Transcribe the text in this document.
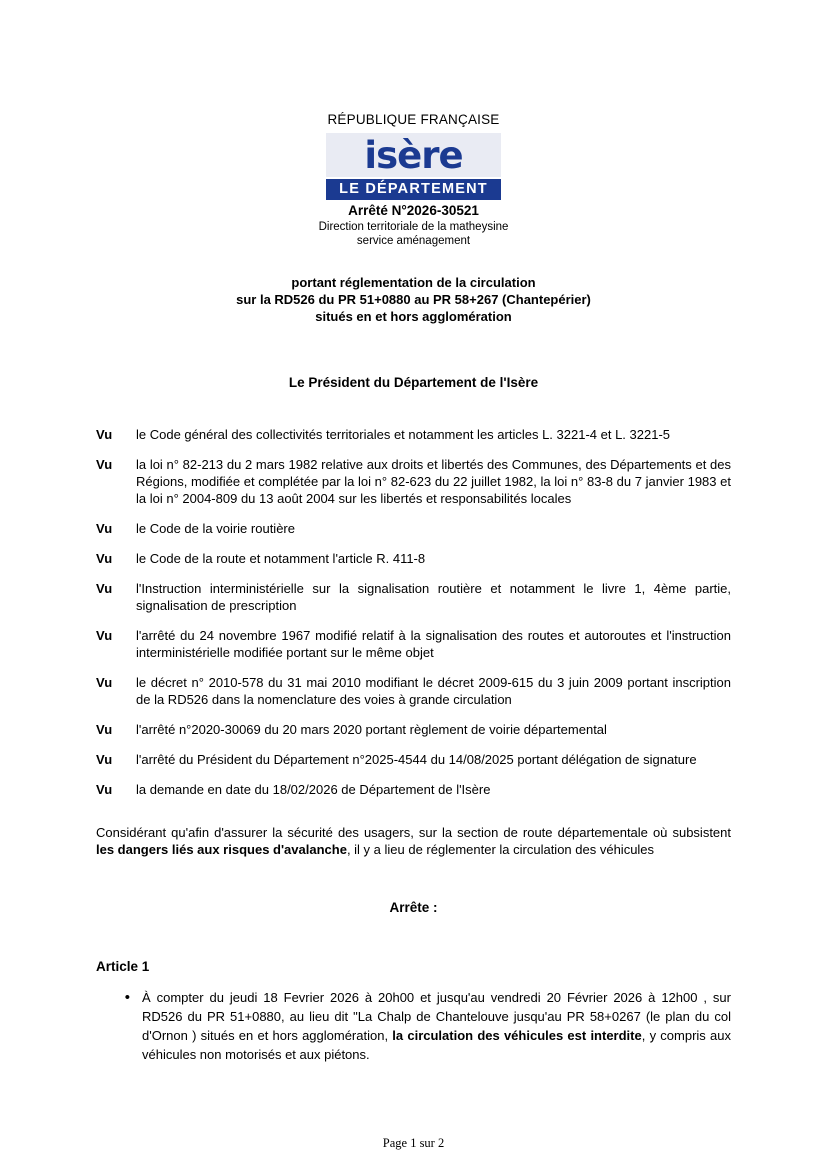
RÉPUBLIQUE FRANÇAISE
isère
LE DÉPARTEMENT
Arrêté N°2026-30521
Direction territoriale de la matheysine
service aménagement
portant réglementation de la circulation
sur la RD526 du PR 51+0880 au PR 58+267 (Chantepérier)
situés en et hors agglomération
Le Président du Département de l'Isère
Vu	le Code général des collectivités territoriales et notamment les articles L. 3221-4 et L. 3221-5
Vu	la loi n° 82-213 du 2 mars 1982 relative aux droits et libertés des Communes, des Départements et des Régions, modifiée et complétée par la loi n° 82-623 du 22 juillet 1982, la loi n° 83-8 du 7 janvier 1983 et la loi n° 2004-809 du 13 août 2004 sur les libertés et responsabilités locales
Vu	le Code de la voirie routière
Vu	le Code de la route et notamment l'article R. 411-8
Vu	l'Instruction interministérielle sur la signalisation routière et notamment le livre 1, 4ème partie, signalisation de prescription
Vu	l'arrêté du 24 novembre 1967 modifié relatif à la signalisation des routes et autoroutes et l'instruction interministérielle modifiée portant sur le même objet
Vu	le décret n° 2010-578 du 31 mai 2010 modifiant le décret 2009-615 du 3 juin 2009 portant inscription de la RD526 dans la nomenclature des voies à grande circulation
Vu	l'arrêté n°2020-30069 du 20 mars 2020 portant règlement de voirie départemental
Vu	l'arrêté du Président du Département n°2025-4544 du 14/08/2025 portant délégation de signature
Vu	la demande en date du 18/02/2026 de Département de l'Isère
Considérant qu'afin d'assurer la sécurité des usagers, sur la section de route départementale où subsistent les dangers liés aux risques d'avalanche, il y a lieu de réglementer la circulation des véhicules
Arrête :
Article 1
• À compter du jeudi 18 Fevrier 2026 à 20h00 et jusqu'au vendredi 20 Février 2026 à 12h00 , sur RD526 du PR 51+0880, au lieu dit "La Chalp de Chantelouve jusqu'au PR 58+0267 (le plan du col d'Ornon ) situés en et hors agglomération, la circulation des véhicules est interdite, y compris aux véhicules non motorisés et aux piétons.
Page 1 sur 2
